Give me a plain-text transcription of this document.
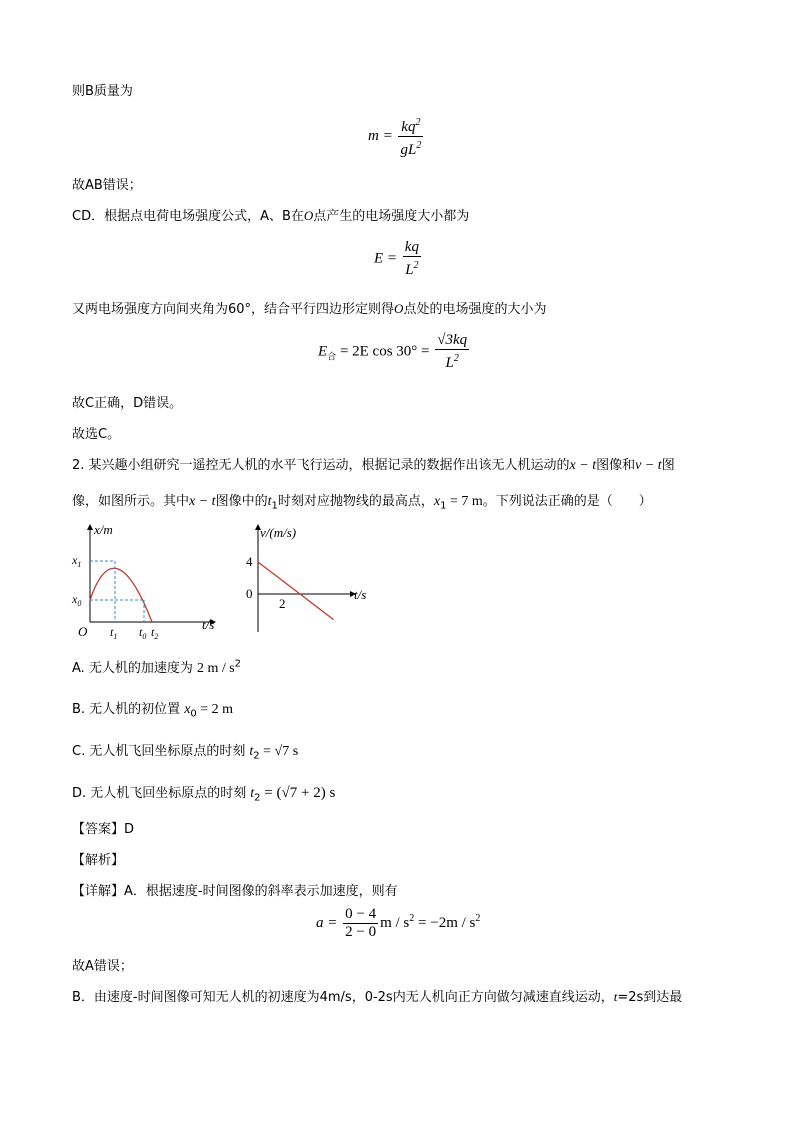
则B质量为
$m = \frac{kq^2}{gL^2}$
故AB错误；
CD．根据点电荷电场强度公式，A、B在O点产生的电场强度大小都为
$E = \frac{kq}{L^2}$
又两电场强度方向间夹角为60°，结合平行四边形定则得O点处的电场强度的大小为
$E_合 = 2E$ $\cos 30^\circ = \frac{√3kq}{L^2}$
故C正确，D错误。
故选C。
2. 某兴趣小组研究一遥控无人机的水平飞行运动，根据记录的数据作出该无人机运动的x − t图像和v − t图
像，如图所示。其中x − t图像中的$t_1$时刻对应抛物线的最高点，$x_1 = 7$ m。下列说法正确的是（　　）
x/m
t/s
$x_1$
$x_0$
O $t_1$ $t_0$ $t_2$
v/(m/s)
t/s
4
0
2
A. 无人机的加速度为 2 m / $s^2$
B. 无人机的初位置 $x_0 = 2$ m
C. 无人机飞回坐标原点的时刻 $t_2 = √7$ s
D. 无人机飞回坐标原点的时刻 $t_2 = (√7 + 2)$ s
【答案】D
【解析】
【详解】A．根据速度-时间图像的斜率表示加速度，则有
$a = \frac{0 - 4}{2 - 0}$ $m / s^2 = -2m / s^2$
故A错误；
B．由速度-时间图像可知无人机的初速度为4m/s，0-2s内无人机向正方向做匀减速直线运动，t=2s到达最
